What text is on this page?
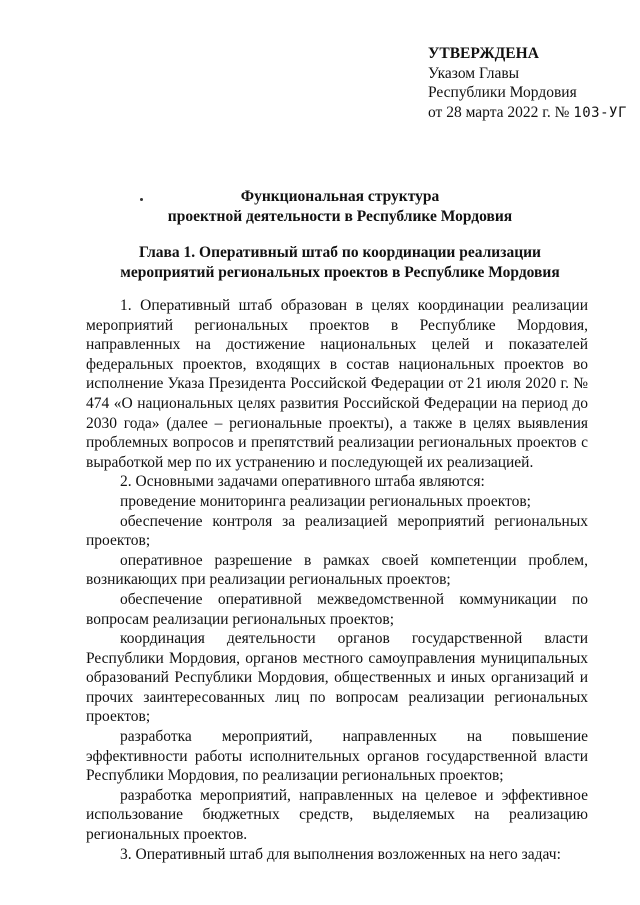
УТВЕРЖДЕНА
Указом Главы
Республики Мордовия
от 28 марта 2022 г. № 103-УГ
Функциональная структура
проектной деятельности в Республике Мордовия
Глава 1. Оперативный штаб по координации реализации
мероприятий региональных проектов в Республике Мордовия

1. Оперативный штаб образован в целях координации реализации мероприятий региональных проектов в Республике Мордовия, направленных на достижение национальных целей и показателей федеральных проектов, входящих в состав национальных проектов во исполнение Указа Президента Российской Федерации от 21 июля 2020 г. № 474 «О национальных целях развития Российской Федерации на период до 2030 года» (далее – региональные проекты), а также в целях выявления проблемных вопросов и препятствий реализации региональных проектов с выработкой мер по их устранению и последующей их реализацией.

2. Основными задачами оперативного штаба являются:

проведение мониторинга реализации региональных проектов;

обеспечение контроля за реализацией мероприятий региональных проектов;

оперативное разрешение в рамках своей компетенции проблем, возникающих при реализации региональных проектов;

обеспечение оперативной межведомственной коммуникации по вопросам реализации региональных проектов;

координация деятельности органов государственной власти Республики Мордовия, органов местного самоуправления муниципальных образований Республики Мордовия, общественных и иных организаций и прочих заинтересованных лиц по вопросам реализации региональных проектов;

разработка мероприятий, направленных на повышение эффективности работы исполнительных органов государственной власти Республики Мордовия, по реализации региональных проектов;

разработка мероприятий, направленных на целевое и эффективное использование бюджетных средств, выделяемых на реализацию региональных проектов.

3. Оперативный штаб для выполнения возложенных на него задач:
